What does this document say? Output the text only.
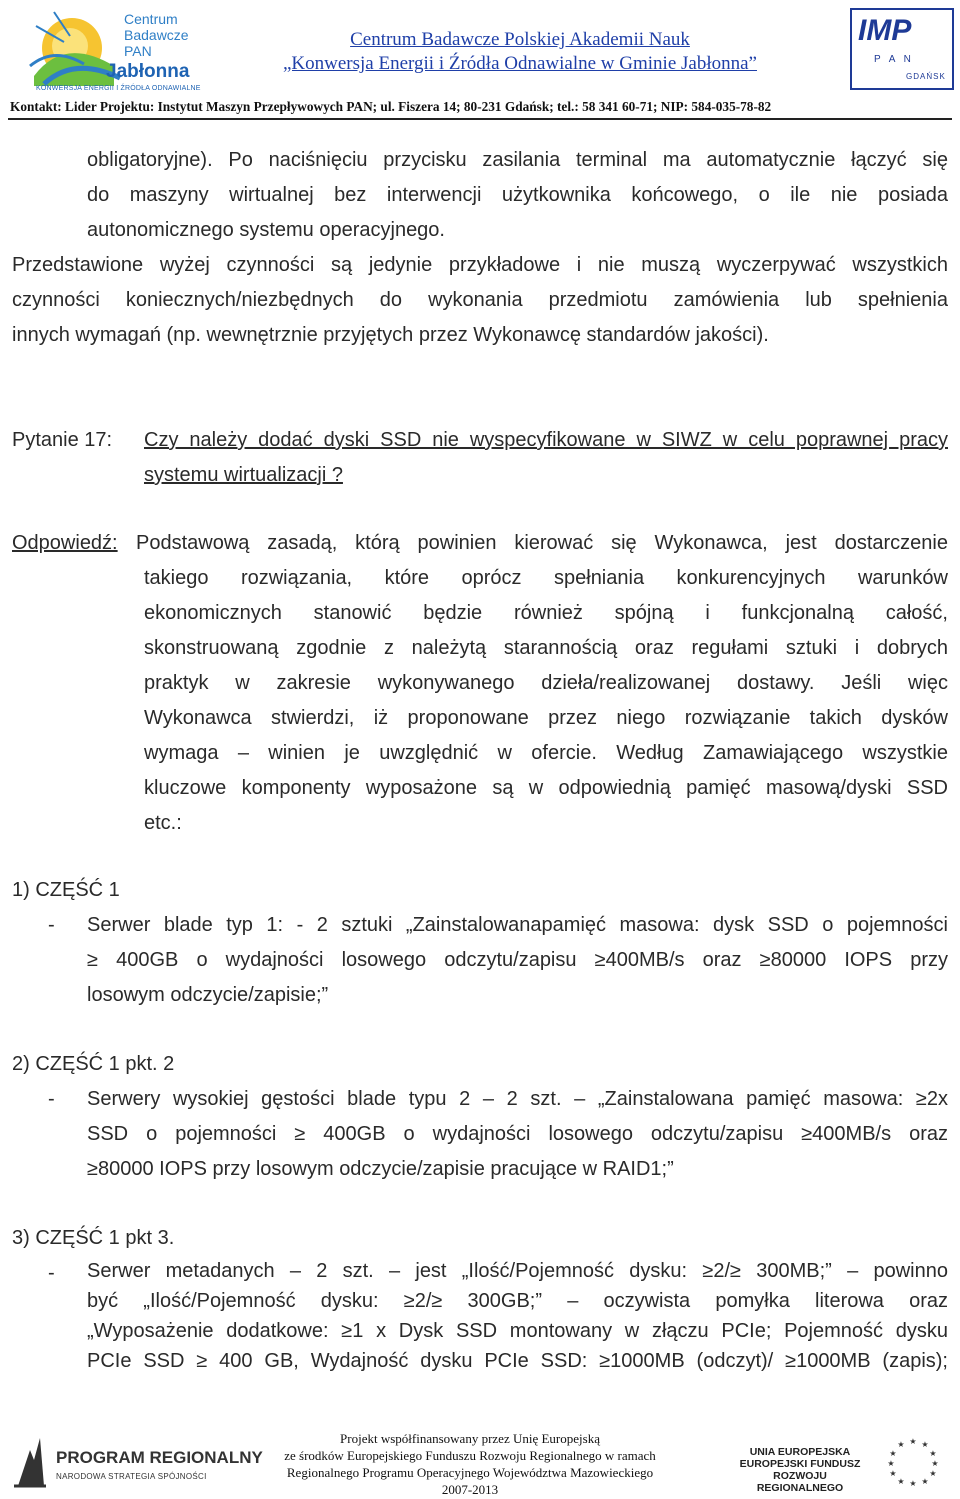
Centrum
Badawcze
PAN
Jabłonna
KONWERSJA ENERGII I ŹRÓDŁA ODNAWIALNE
Centrum Badawcze Polskiej Akademii Nauk
„Konwersja Energii i Źródła Odnawialne w Gminie Jabłonna”
IMP
P A N
GDAŃSK
Kontakt: Lider Projektu: Instytut Maszyn Przepływowych PAN; ul. Fiszera 14; 80-231 Gdańsk; tel.: 58 341 60-71; NIP: 584-035-78-82
obligatoryjne). Po naciśnięciu przycisku zasilania terminal ma automatycznie łączyć się
do maszyny wirtualnej bez interwencji użytkownika końcowego, o ile nie posiada
autonomicznego systemu operacyjnego.
Przedstawione wyżej czynności są jedynie przykładowe i nie muszą wyczerpywać wszystkich
czynności koniecznych/niezbędnych do wykonania przedmiotu zamówienia lub spełnienia
innych wymagań (np. wewnętrznie przyjętych przez Wykonawcę standardów jakości).
Pytanie 17: Czy należy dodać dyski SSD nie wyspecyfikowane w SIWZ w celu poprawnej pracy
systemu wirtualizacji ?
Odpowiedź: Podstawową zasadą, którą powinien kierować się Wykonawca, jest dostarczenie
takiego rozwiązania, które oprócz spełniania konkurencyjnych warunków
ekonomicznych stanowić będzie również spójną i funkcjonalną całość,
skonstruowaną zgodnie z należytą starannością oraz regułami sztuki i dobrych
praktyk w zakresie wykonywanego dzieła/realizowanej dostawy. Jeśli więc
Wykonawca stwierdzi, iż proponowane przez niego rozwiązanie takich dysków
wymaga – winien je uwzględnić w ofercie. Według Zamawiającego wszystkie
kluczowe komponenty wyposażone są w odpowiednią pamięć masową/dyski SSD
etc.:
1) CZĘŚĆ 1
- Serwer blade typ 1: - 2 sztuki „Zainstalowanapamięć masowa: dysk SSD o pojemności
≥ 400GB o wydajności losowego odczytu/zapisu ≥400MB/s oraz ≥80000 IOPS przy
losowym odczycie/zapisie;”
2) CZĘŚĆ 1 pkt. 2
- Serwery wysokiej gęstości blade typu 2 – 2 szt. – „Zainstalowana pamięć masowa: ≥2x
SSD o pojemności ≥ 400GB o wydajności losowego odczytu/zapisu ≥400MB/s oraz
≥80000 IOPS przy losowym odczycie/zapisie pracujące w RAID1;”
3) CZĘŚĆ 1 pkt 3.
- Serwer metadanych – 2 szt. – jest „Ilość/Pojemność dysku: ≥2/≥ 300MB;” – powinno
być „Ilość/Pojemność dysku: ≥2/≥ 300GB;” – oczywista pomyłka literowa oraz
„Wyposażenie dodatkowe: ≥1 x Dysk SSD montowany w złączu PCIe; Pojemność dysku
PCIe SSD ≥ 400 GB, Wydajność dysku PCIe SSD: ≥1000MB (odczyt)/ ≥1000MB (zapis);
PROGRAM REGIONALNY
NARODOWA STRATEGIA SPÓJNOŚCI
Projekt współfinansowany przez Unię Europejską
ze środków Europejskiego Funduszu Rozwoju Regionalnego w ramach
Regionalnego Programu Operacyjnego Województwa Mazowieckiego
2007-2013
UNIA EUROPEJSKA
EUROPEJSKI FUNDUSZ
ROZWOJU REGIONALNEGO
★ ★
★
★
★
★
★
★
★
★
★
★
